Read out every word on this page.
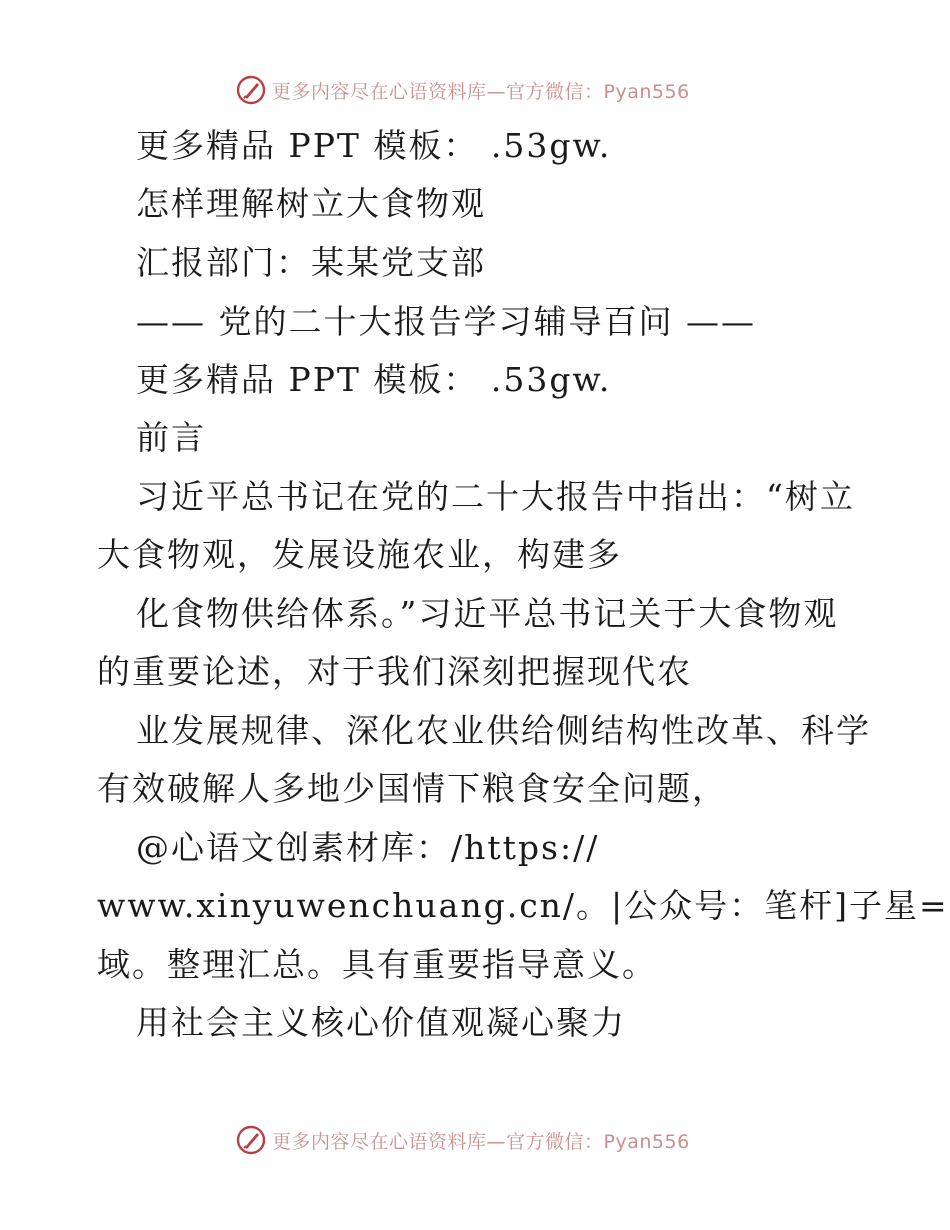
更多内容尽在心语资料库—官方微信：Pyan556
更多精品 PPT 模板： .53gw.
怎样理解树立大食物观
汇报部门：某某党支部
—— 党的二十大报告学习辅导百问 ——
更多精品 PPT 模板： .53gw.
前言
习近平总书记在党的二十大报告中指出：“树立
大食物观，发展设施农业，构建多
化食物供给体系。”习近平总书记关于大食物观
的重要论述，对于我们深刻把握现代农
业发展规律、深化农业供给侧结构性改革、科学
有效破解人多地少国情下粮食安全问题，
@心语文创素材库：/https://
www.xinyuwenchuang.cn/。|公众号：笔杆]子星=
域。整理汇总。具有重要指导意义。
用社会主义核心价值观凝心聚力
更多内容尽在心语资料库—官方微信：Pyan556
